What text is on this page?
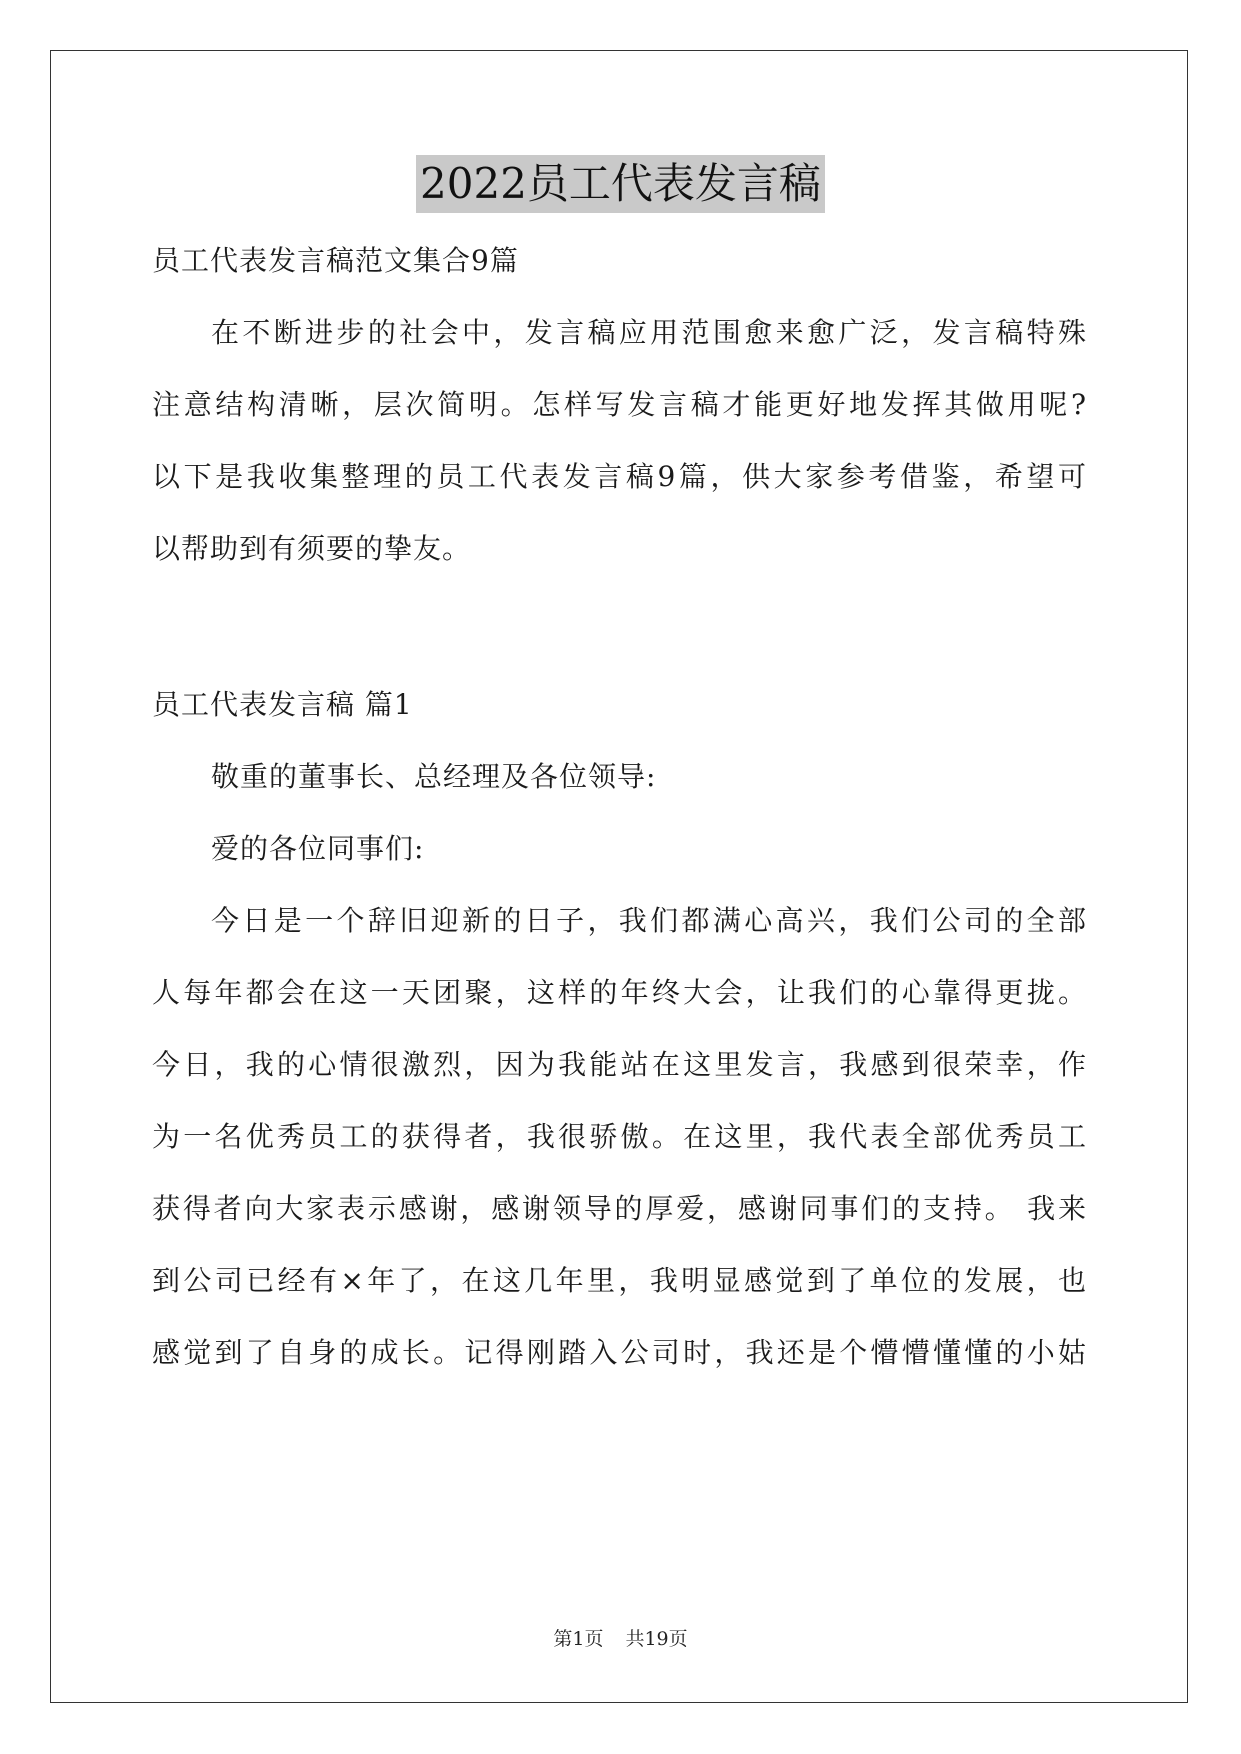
2022员工代表发言稿
员工代表发言稿范文集合9篇
在不断进步的社会中，发言稿应用范围愈来愈广泛，发言稿特殊
注意结构清晰，层次简明。怎样写发言稿才能更好地发挥其做用呢?
以下是我收集整理的员工代表发言稿9篇，供大家参考借鉴，希望可
以帮助到有须要的挚友。
员工代表发言稿 篇1
敬重的董事长、总经理及各位领导:
爱的各位同事们:
今日是一个辞旧迎新的日子，我们都满心高兴，我们公司的全部
人每年都会在这一天团聚，这样的年终大会，让我们的心靠得更拢。
今日，我的心情很激烈，因为我能站在这里发言，我感到很荣幸，作
为一名优秀员工的获得者，我很骄傲。在这里，我代表全部优秀员工
获得者向大家表示感谢，感谢领导的厚爱，感谢同事们的支持。 我来
到公司已经有×年了，在这几年里，我明显感觉到了单位的发展，也
感觉到了自身的成长。记得刚踏入公司时，我还是个懵懵懂懂的小姑
第1页 共19页
